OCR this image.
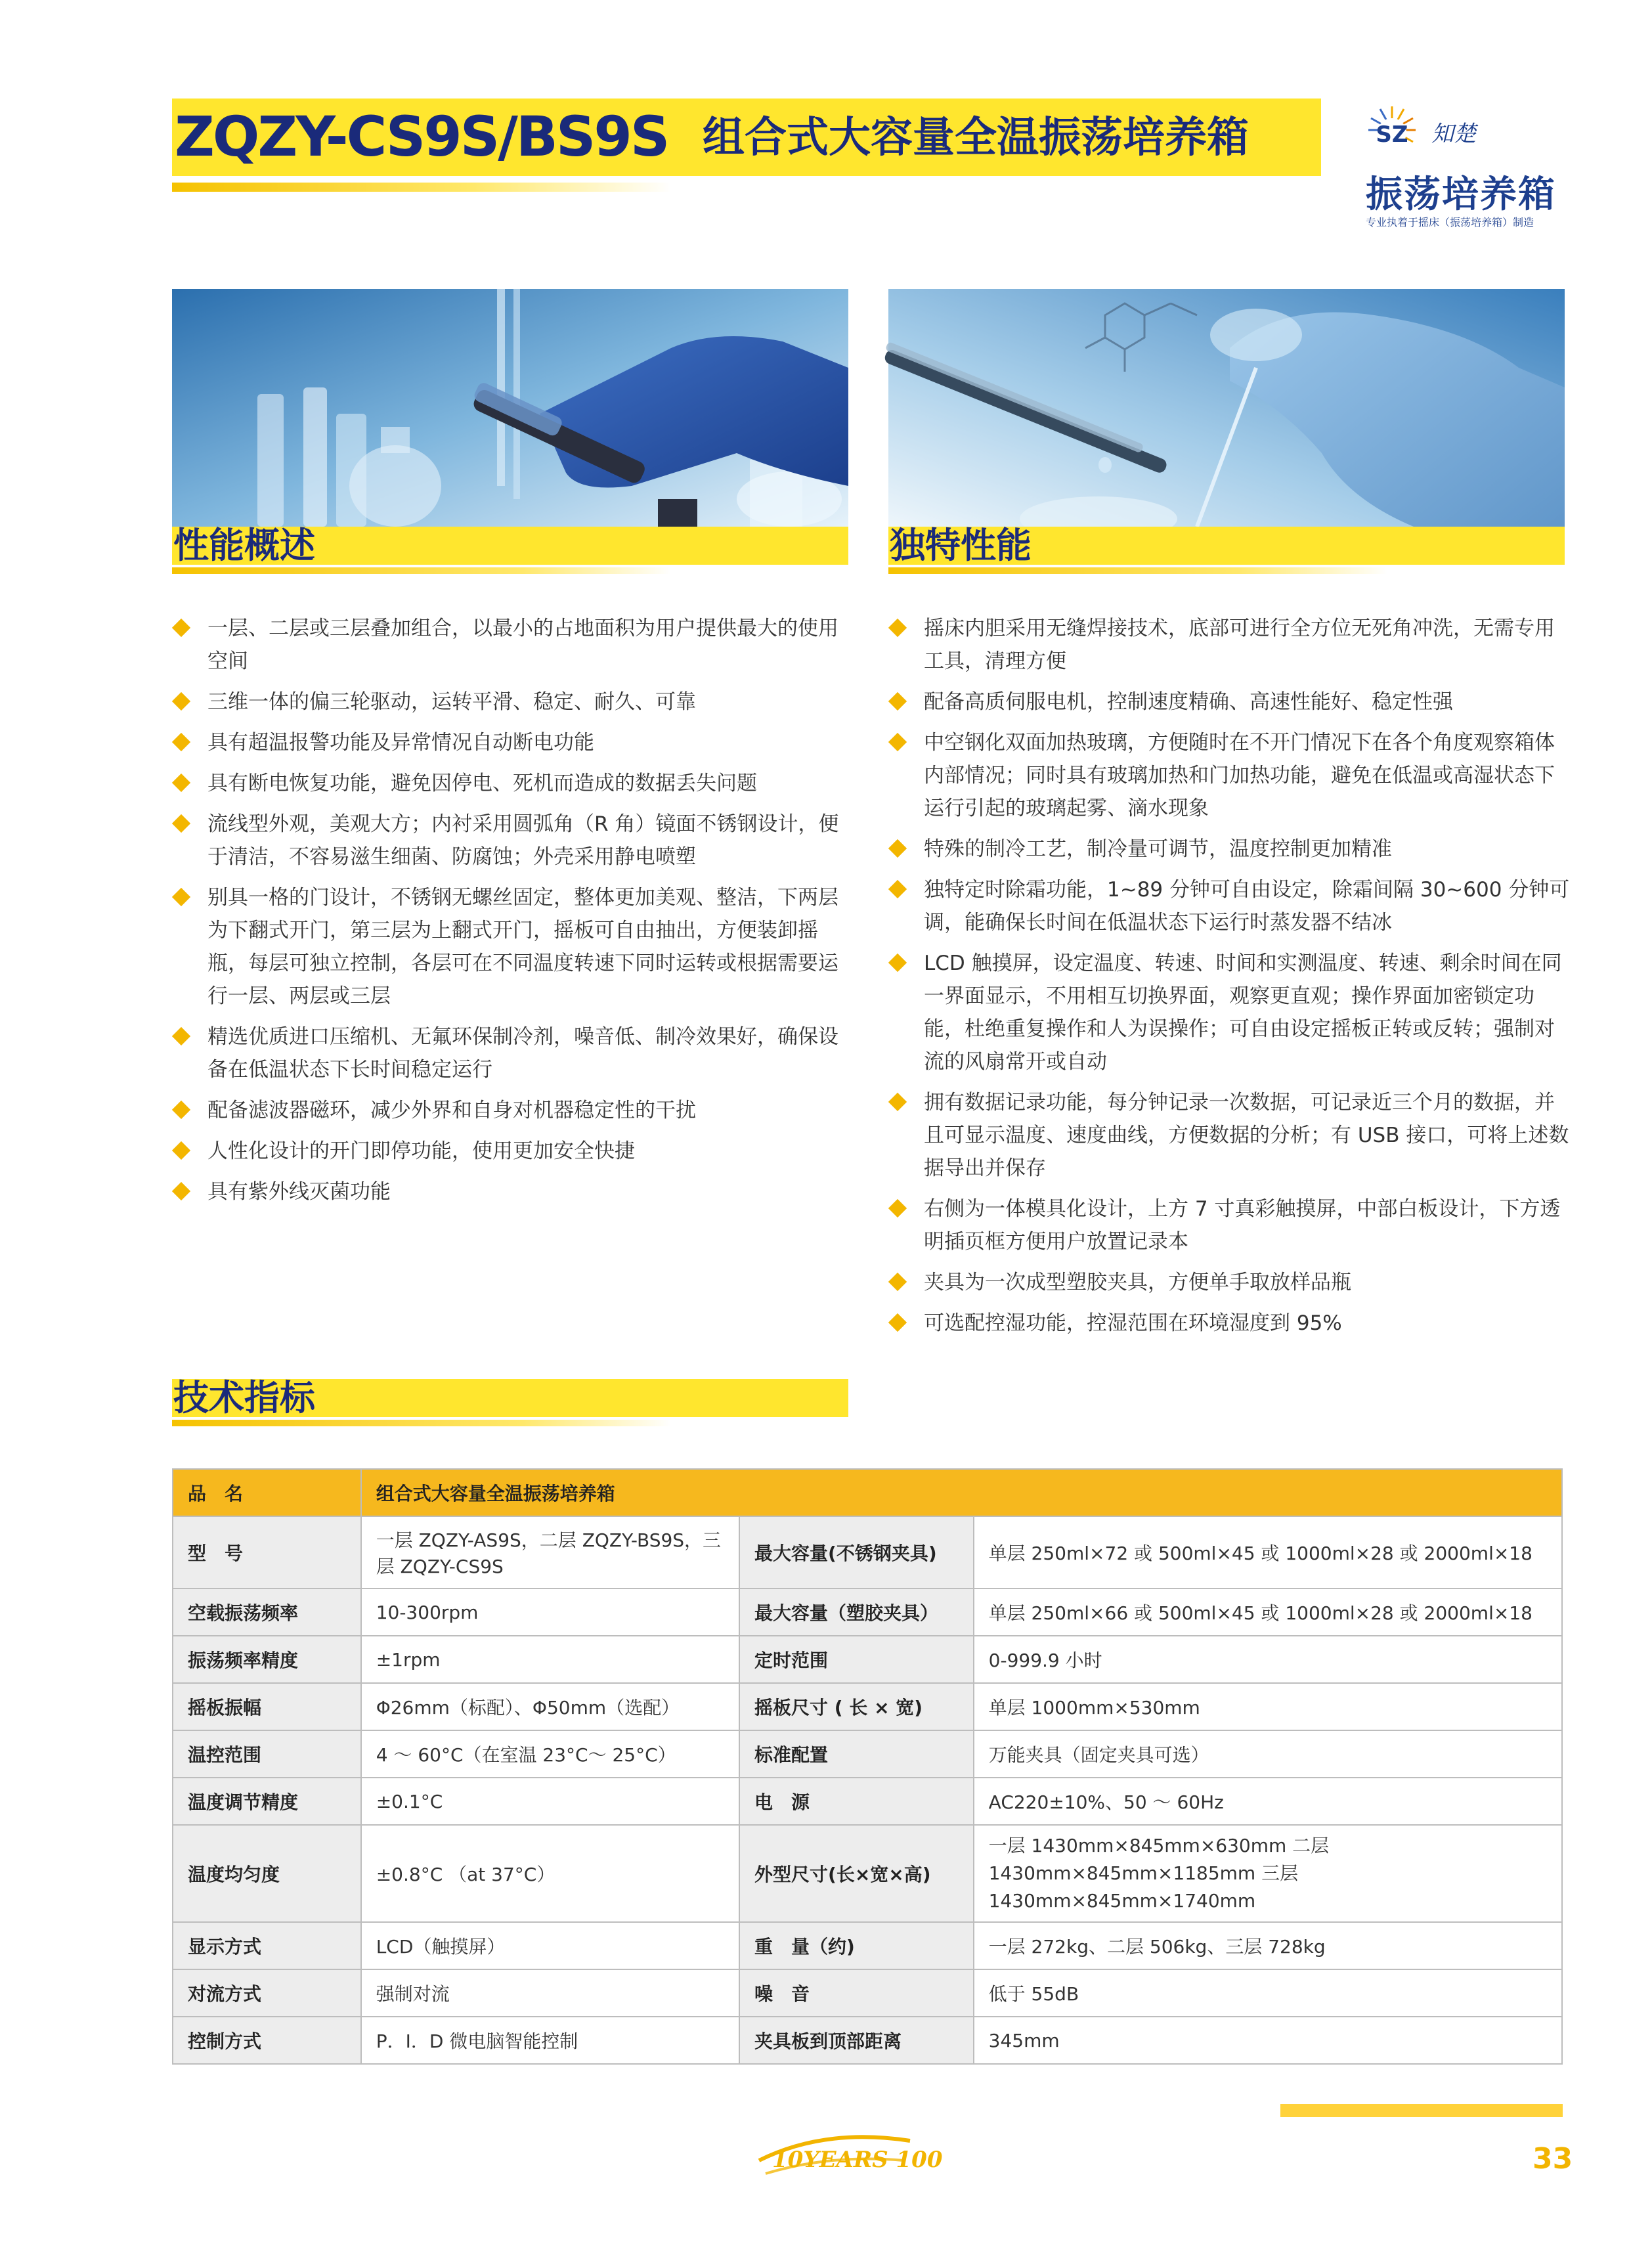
ZQZY-CS9S/BS9S 组合式大容量全温振荡培养箱	SZ 知楚
振荡培养箱
专业执着于摇床（振荡培养箱）制造
性能概述	独特性能
一层、二层或三层叠加组合，以最小的占地面积为用户提供最大的使用空间
三维一体的偏三轮驱动，运转平滑、稳定、耐久、可靠
具有超温报警功能及异常情况自动断电功能
具有断电恢复功能，避免因停电、死机而造成的数据丢失问题
流线型外观，美观大方；内衬采用圆弧角（R 角）镜面不锈钢设计，便于清洁，不容易滋生细菌、防腐蚀；外壳采用静电喷塑
别具一格的门设计，不锈钢无螺丝固定，整体更加美观、整洁，下两层为下翻式开门，第三层为上翻式开门，摇板可自由抽出，方便装卸摇瓶，每层可独立控制，各层可在不同温度转速下同时运转或根据需要运行一层、两层或三层
精选优质进口压缩机、无氟环保制冷剂，噪音低、制冷效果好，确保设备在低温状态下长时间稳定运行
配备滤波器磁环，减少外界和自身对机器稳定性的干扰
人性化设计的开门即停功能，使用更加安全快捷
具有紫外线灭菌功能
摇床内胆采用无缝焊接技术，底部可进行全方位无死角冲洗，无需专用工具，清理方便
配备高质伺服电机，控制速度精确、高速性能好、稳定性强
中空钢化双面加热玻璃，方便随时在不开门情况下在各个角度观察箱体内部情况；同时具有玻璃加热和门加热功能，避免在低温或高湿状态下运行引起的玻璃起雾、滴水现象
特殊的制冷工艺，制冷量可调节，温度控制更加精准
独特定时除霜功能，1~89 分钟可自由设定，除霜间隔 30~600 分钟可调，能确保长时间在低温状态下运行时蒸发器不结冰
LCD 触摸屏，设定温度、转速、时间和实测温度、转速、剩余时间在同一界面显示，不用相互切换界面，观察更直观；操作界面加密锁定功能，杜绝重复操作和人为误操作；可自由设定摇板正转或反转；强制对流的风扇常开或自动
拥有数据记录功能，每分钟记录一次数据，可记录近三个月的数据，并且可显示温度、速度曲线，方便数据的分析；有 USB 接口，可将上述数据导出并保存
右侧为一体模具化设计，上方 7 寸真彩触摸屏，中部白板设计，下方透明插页框方便用户放置记录本
夹具为一次成型塑胶夹具，方便单手取放样品瓶
可选配控湿功能，控湿范围在环境湿度到 95%
技术指标
品　名	组合式大容量全温振荡培养箱		
型　号	一层 ZQZY-AS9S，二层 ZQZY-BS9S，三层 ZQZY-CS9S	最大容量(不锈钢夹具)	单层 250ml×72 或 500ml×45 或 1000ml×28 或 2000ml×18
空载振荡频率	10-300rpm	最大容量（塑胶夹具）	单层 250ml×66 或 500ml×45 或 1000ml×28 或 2000ml×18
振荡频率精度	±1rpm	定时范围	0-999.9 小时
摇板振幅	Φ26mm（标配）、Φ50mm（选配）	摇板尺寸 ( 长 × 宽)	单层 1000mm×530mm
温控范围	4 ～ 60°C（在室温 23°C～ 25°C）	标准配置	万能夹具（固定夹具可选）
温度调节精度	±0.1°C	电　源	AC220±10%、50 ～ 60Hz
温度均匀度	±0.8°C （at 37°C）	外型尺寸(长×宽×高)	一层 1430mm×845mm×630mm 二层 1430mm×845mm×1185mm 三层 1430mm×845mm×1740mm
显示方式	LCD（触摸屏）	重　量（约)	一层 272kg、二层 506kg、三层 728kg
对流方式	强制对流	噪　音	低于 55dB
控制方式	P．I．D 微电脑智能控制	夹具板到顶部距离	345mm
10YEARS 100	33
